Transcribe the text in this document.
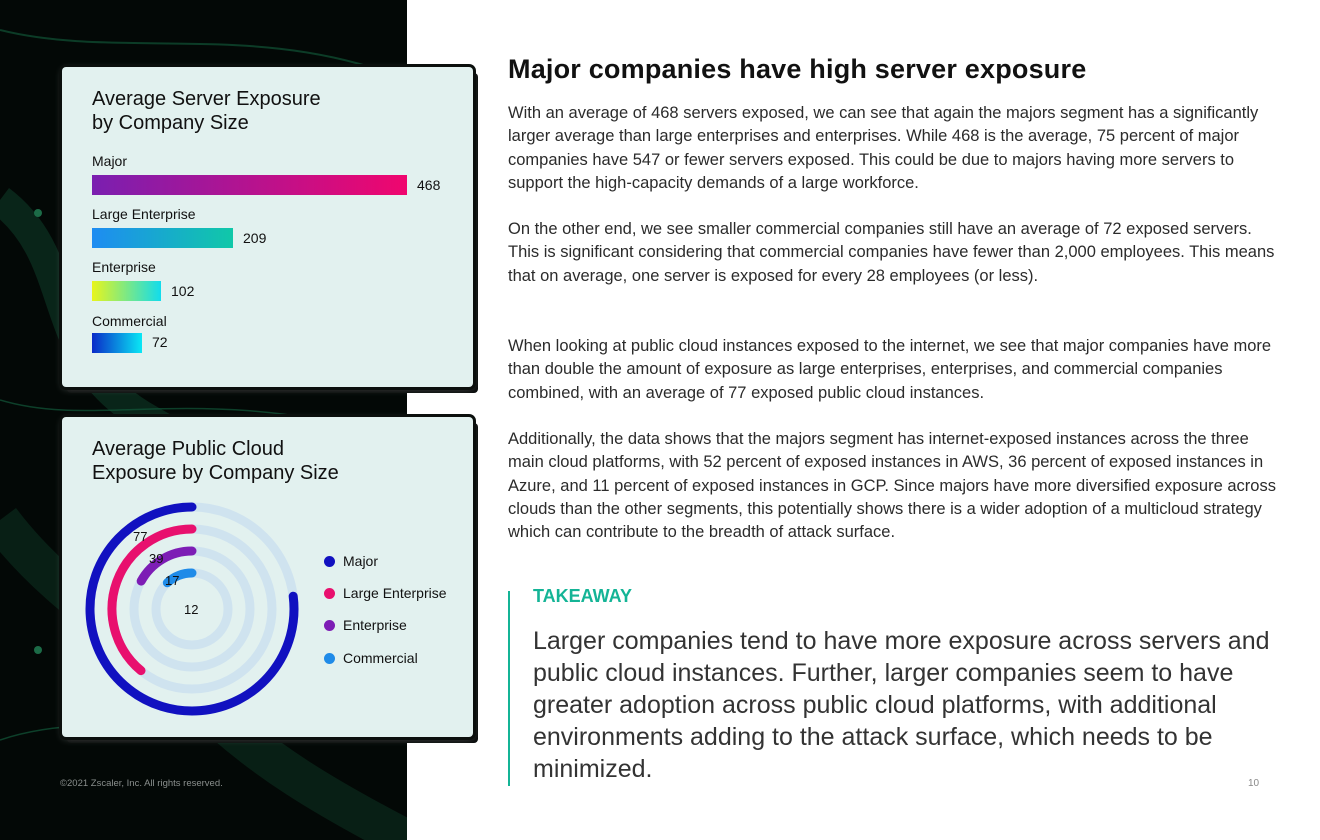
Average Server Exposure
by Company Size
Major
468
Large Enterprise
209
Enterprise
102
Commercial
72
Average Public Cloud
Exposure by Company Size
77
39
17
12
Major
Large Enterprise
Enterprise
Commercial
Major companies have high server exposure
With an average of 468 servers exposed, we can see that again the majors segment has a significantly larger average than large enterprises and enterprises. While 468 is the average, 75 percent of major companies have 547 or fewer servers exposed. This could be due to majors having more servers to support the high-capacity demands of a large workforce.
On the other end, we see smaller commercial companies still have an average of 72 exposed servers. This is significant considering that commercial companies have fewer than 2,000 employees. This means that on average, one server is exposed for every 28 employees (or less).
When looking at public cloud instances exposed to the internet, we see that major companies have more than double the amount of exposure as large enterprises, enterprises, and commercial companies combined, with an average of 77 exposed public cloud instances.
Additionally, the data shows that the majors segment has internet-exposed instances across the three main cloud platforms, with 52 percent of exposed instances in AWS, 36 percent of exposed instances in Azure, and 11 percent of exposed instances in GCP. Since majors have more diversified exposure across clouds than the other segments, this potentially shows there is a wider adoption of a multicloud strategy which can contribute to the breadth of attack surface.
TAKEAWAY
Larger companies tend to have more exposure across servers and public cloud instances. Further, larger companies seem to have greater adoption across public cloud platforms, with additional environments adding to the attack surface, which needs to be minimized.
©2021 Zscaler, Inc. All rights reserved.	10
